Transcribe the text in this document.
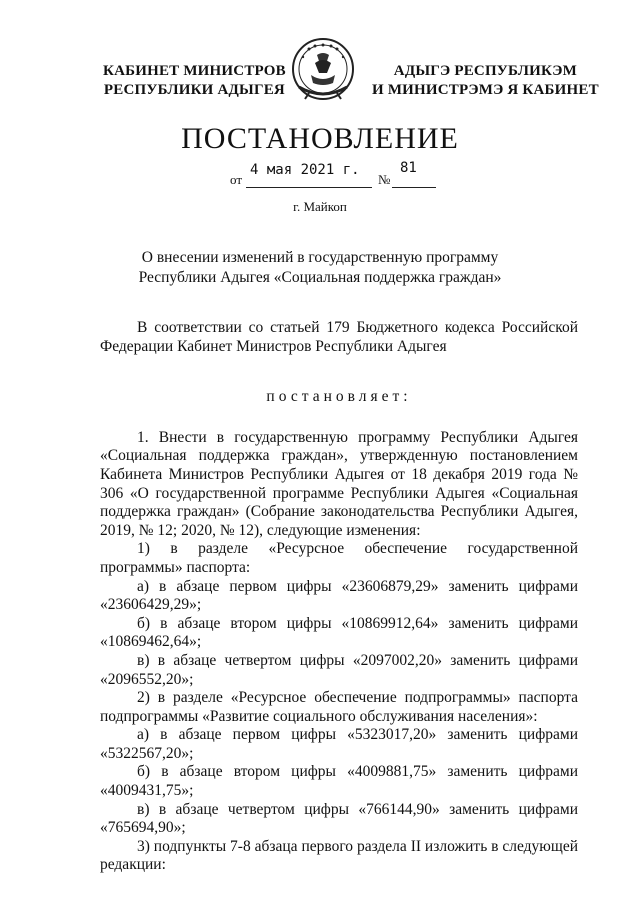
КАБИНЕТ МИНИСТРОВ
РЕСПУБЛИКИ АДЫГЕЯ
АДЫГЭ РЕСПУБЛИКЭМ
И МИНИСТРЭМЭ Я КАБИНЕТ
ПОСТАНОВЛЕНИЕ
от
4 мая 2021 г.
№
81
г. Майкоп
О внесении изменений в государственную программу
Республики Адыгея «Социальная поддержка граждан»

В соответствии со статьей 179 Бюджетного кодекса Российской Федерации Кабинет Министров Республики Адыгея

постановляет:

1. Внести в государственную программу Республики Адыгея «Социальная поддержка граждан», утвержденную постановлением Кабинета Министров Республики Адыгея от 18 декабря 2019 года № 306 «О государственной программе Республики Адыгея «Социальная поддержка граждан» (Собрание законодательства Республики Адыгея, 2019, № 12; 2020, № 12), следующие изменения:

1) в разделе «Ресурсное обеспечение государственной программы» паспорта:

а) в абзаце первом цифры «23606879,29» заменить цифрами «23606429,29»;

б) в абзаце втором цифры «10869912,64» заменить цифрами «10869462,64»;

в) в абзаце четвертом цифры «2097002,20» заменить цифрами «2096552,20»;

2) в разделе «Ресурсное обеспечение подпрограммы» паспорта подпрограммы «Развитие социального обслуживания населения»:

а) в абзаце первом цифры «5323017,20» заменить цифрами «5322567,20»;

б) в абзаце втором цифры «4009881,75» заменить цифрами «4009431,75»;

в) в абзаце четвертом цифры «766144,90» заменить цифрами «765694,90»;

3) подпункты 7-8 абзаца первого раздела II изложить в следующей редакции:
